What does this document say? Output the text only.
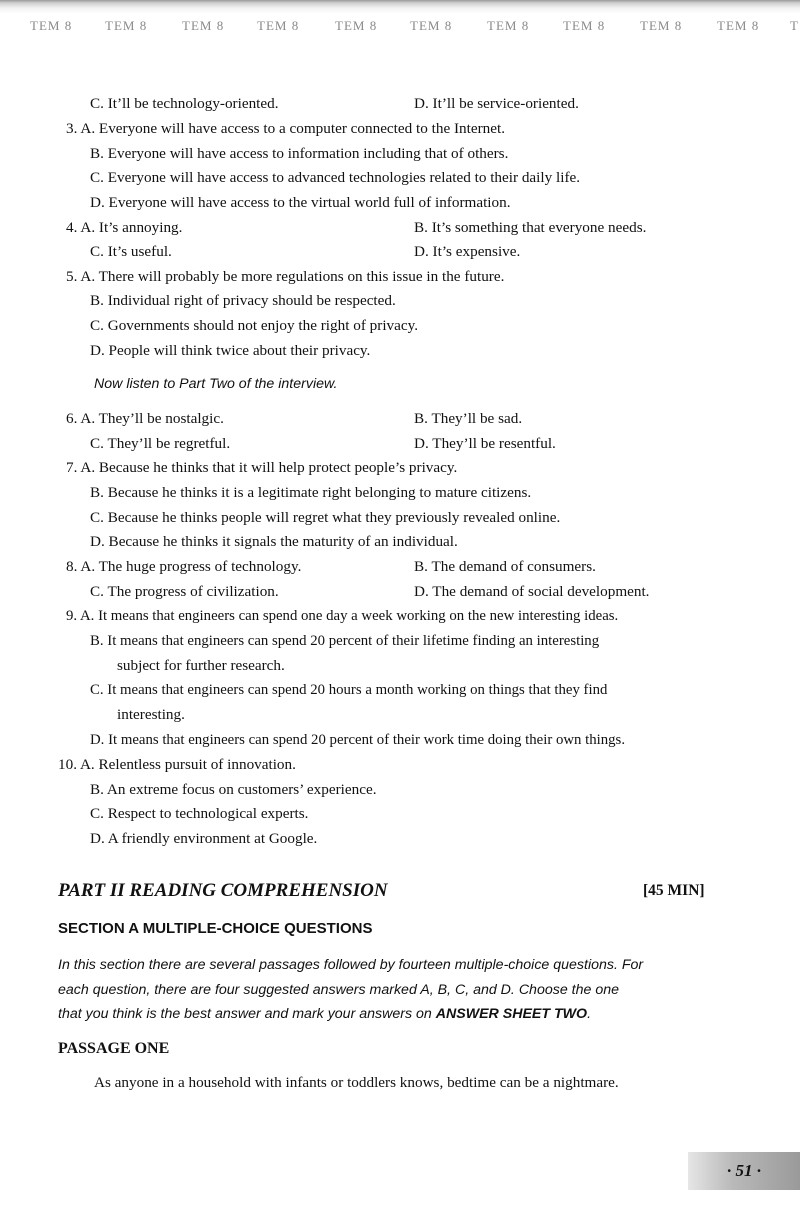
TEM 8	TEM 8	TEM 8	TEM 8	TEM 8	TEM 8	TEM 8	TEM 8	TEM 8	TEM 8 T
C. It’ll be technology-oriented.	D. It’ll be service-oriented.
3. A. Everyone will have access to a computer connected to the Internet.
B. Everyone will have access to information including that of others.
C. Everyone will have access to advanced technologies related to their daily life.
D. Everyone will have access to the virtual world full of information.
4. A. It’s annoying.	B. It’s something that everyone needs.
C. It’s useful.	D. It’s expensive.
5. A. There will probably be more regulations on this issue in the future.
B. Individual right of privacy should be respected.
C. Governments should not enjoy the right of privacy.
D. People will think twice about their privacy.
Now listen to Part Two of the interview.
6. A. They’ll be nostalgic.	B. They’ll be sad.
C. They’ll be regretful.	D. They’ll be resentful.
7. A. Because he thinks that it will help protect people’s privacy.
B. Because he thinks it is a legitimate right belonging to mature citizens.
C. Because he thinks people will regret what they previously revealed online.
D. Because he thinks it signals the maturity of an individual.
8. A. The huge progress of technology.	B. The demand of consumers.
C. The progress of civilization.	D. The demand of social development.
9. A. It means that engineers can spend one day a week working on the new interesting ideas.
B. It means that engineers can spend 20 percent of their lifetime finding an interesting
subject for further research.
C. It means that engineers can spend 20 hours a month working on things that they find
interesting.
D. It means that engineers can spend 20 percent of their work time doing their own things.
10. A. Relentless pursuit of innovation.
B. An extreme focus on customers’ experience.
C. Respect to technological experts.
D. A friendly environment at Google.
PART II READING COMPREHENSION	[45 MIN]
SECTION A MULTIPLE-CHOICE QUESTIONS
In this section there are several passages followed by fourteen multiple-choice questions. For
each question, there are four suggested answers marked A, B, C, and D. Choose the one
that you think is the best answer and mark your answers on ANSWER SHEET TWO.
PASSAGE ONE
As anyone in a household with infants or toddlers knows, bedtime can be a nightmare.
· 51 ·
